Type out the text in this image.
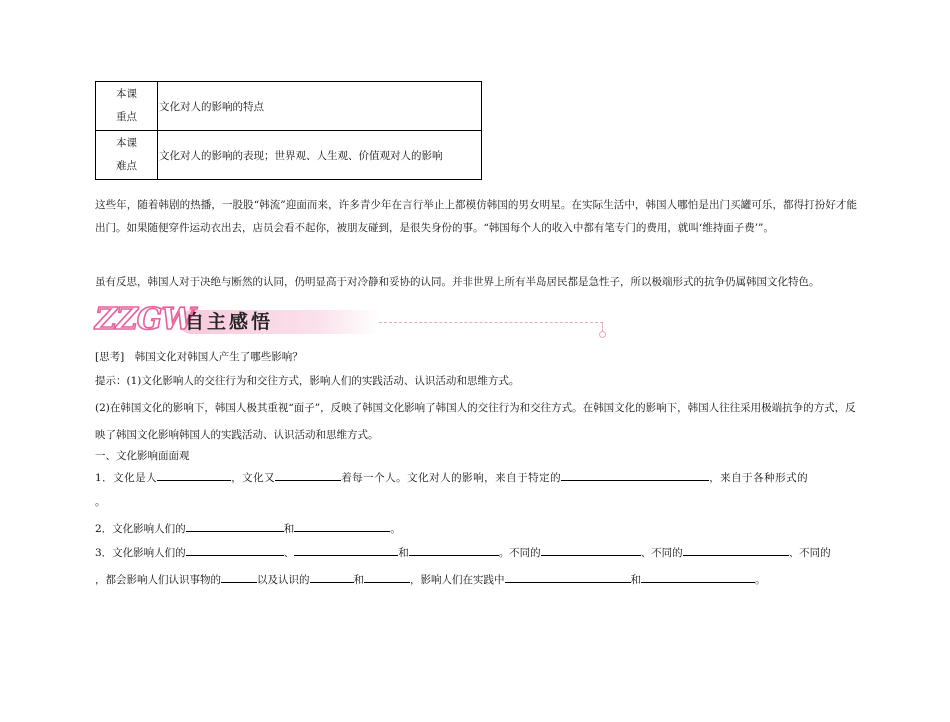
本课
重点	文化对人的影响的特点

本课
难点	文化对人的影响的表现；世界观、人生观、价值观对人的影响
这些年，随着韩剧的热播，一股股“韩流”迎面而来，许多青少年在言行举止上都模仿韩国的男女明星。在实际生活中，韩国人哪怕是出门买罐可乐，都得打扮好才能出门。如果随便穿件运动衣出去，店员会看不起你，被朋友碰到，是很失身份的事。“韩国每个人的收入中都有笔专门的费用，就叫‘维持面子费’”。
虽有反思，韩国人对于决绝与断然的认同，仍明显高于对冷静和妥协的认同。并非世界上所有半岛居民都是急性子，所以极端形式的抗争仍属韩国文化特色。
ZZGW
自主感悟
[思考]　韩国文化对韩国人产生了哪些影响？
提示：(1)文化影响人的交往行为和交往方式，影响人们的实践活动、认识活动和思维方式。
(2)在韩国文化的影响下，韩国人极其重视“面子”，反映了韩国文化影响了韩国人的交往行为和交往方式。在韩国文化的影响下，韩国人往往采用极端抗争的方式，反映了韩国文化影响韩国人的实践活动、认识活动和思维方式。
一、文化影响面面观
1．文化是人	，文化又	着每一个人。文化对人的影响，来自于特定的	，来自于各种形式的
。
2．文化影响人们的	和	。
3．文化影响人们的	、	和	。不同的	、不同的	、不同的
，都会影响人们认识事物的	以及认识的	和	，影响人们在实践中	和	。
